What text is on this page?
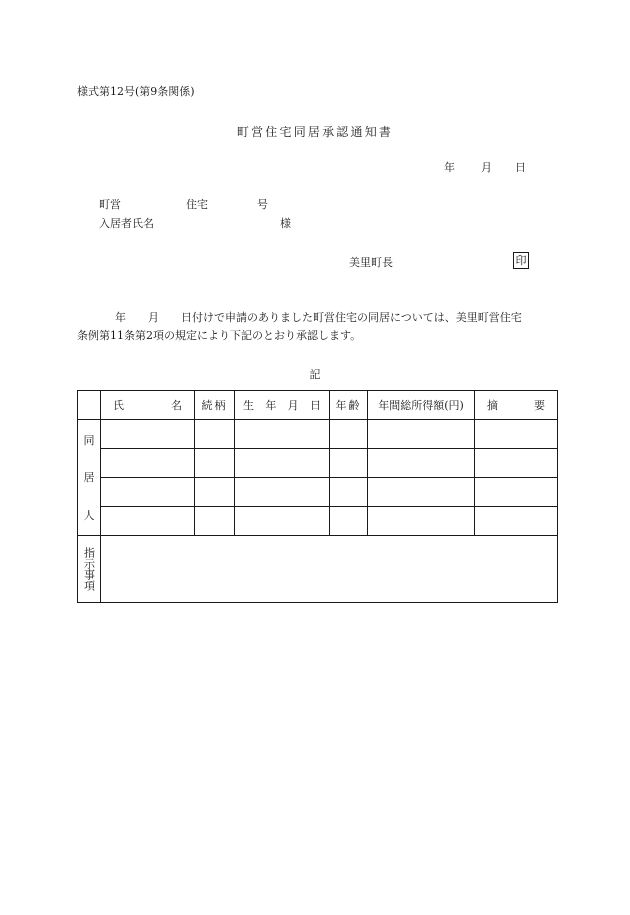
様式第12号(第9条関係)
町営住宅同居承認通知書
年 月 日
町営	住宅	号
入居者氏名	様
美里町長	印
年 月 日付けで申請のありました町営住宅の同居については、美里町営住宅
条例第11条第2項の規定により下記のとおり承認します。
記

	氏 名	続柄	生 年 月 日	年齢	年間総所得額(円)	摘 要

同
居
人						

指示事項						
